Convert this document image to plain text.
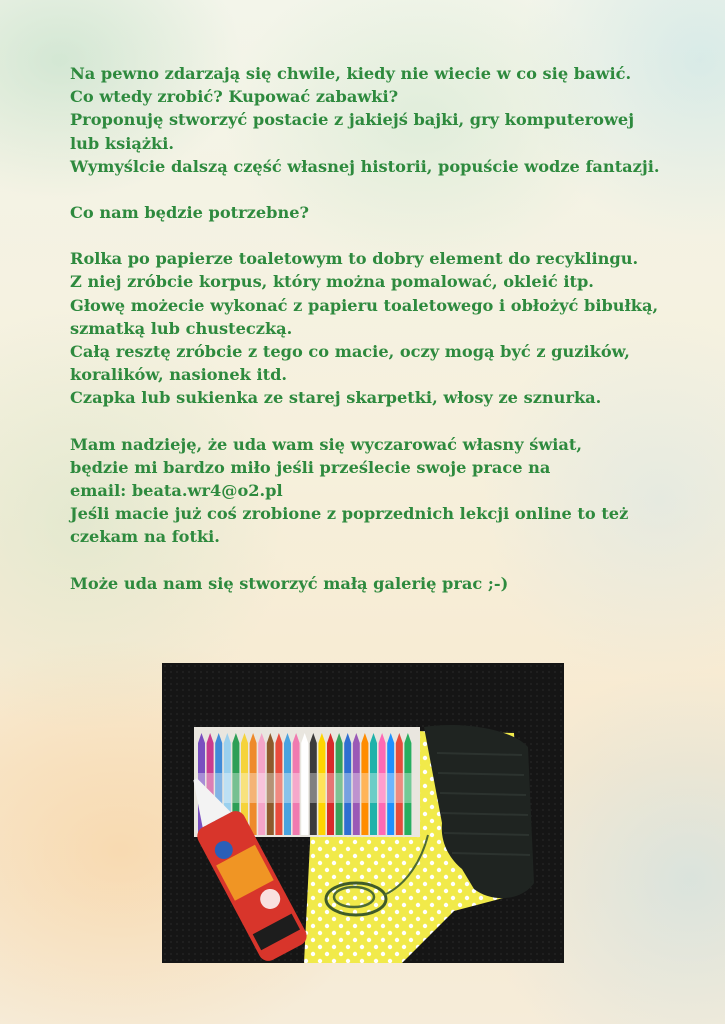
Na pewno zdarzają się chwile, kiedy nie wiecie w co się bawić.

Co wtedy zrobić? Kupować zabawki?

Proponuję stworzyć postacie z jakiejś bajki, gry komputerowej

lub książki.

Wymyślcie dalszą część własnej historii, popuście wodze fantazji.

Co nam będzie potrzebne?

Rolka po papierze toaletowym to dobry element do recyklingu.

Z niej zróbcie korpus, który można pomalować, okleić itp.

Głowę możecie wykonać z papieru toaletowego i obłożyć bibułką,

szmatką lub chusteczką.

Całą resztę zróbcie z tego co macie, oczy mogą być z guzików,

koralików, nasionek itd.

Czapka lub sukienka ze starej skarpetki, włosy ze sznurka.

Mam nadzieję, że uda wam się wyczarować własny świat,

będzie mi bardzo miło jeśli prześlecie swoje prace na

email: beata.wr4@o2.pl

Jeśli macie już coś zrobione z poprzednich lekcji online to też

czekam na fotki.

Może uda nam się stworzyć małą galerię prac ;-)
